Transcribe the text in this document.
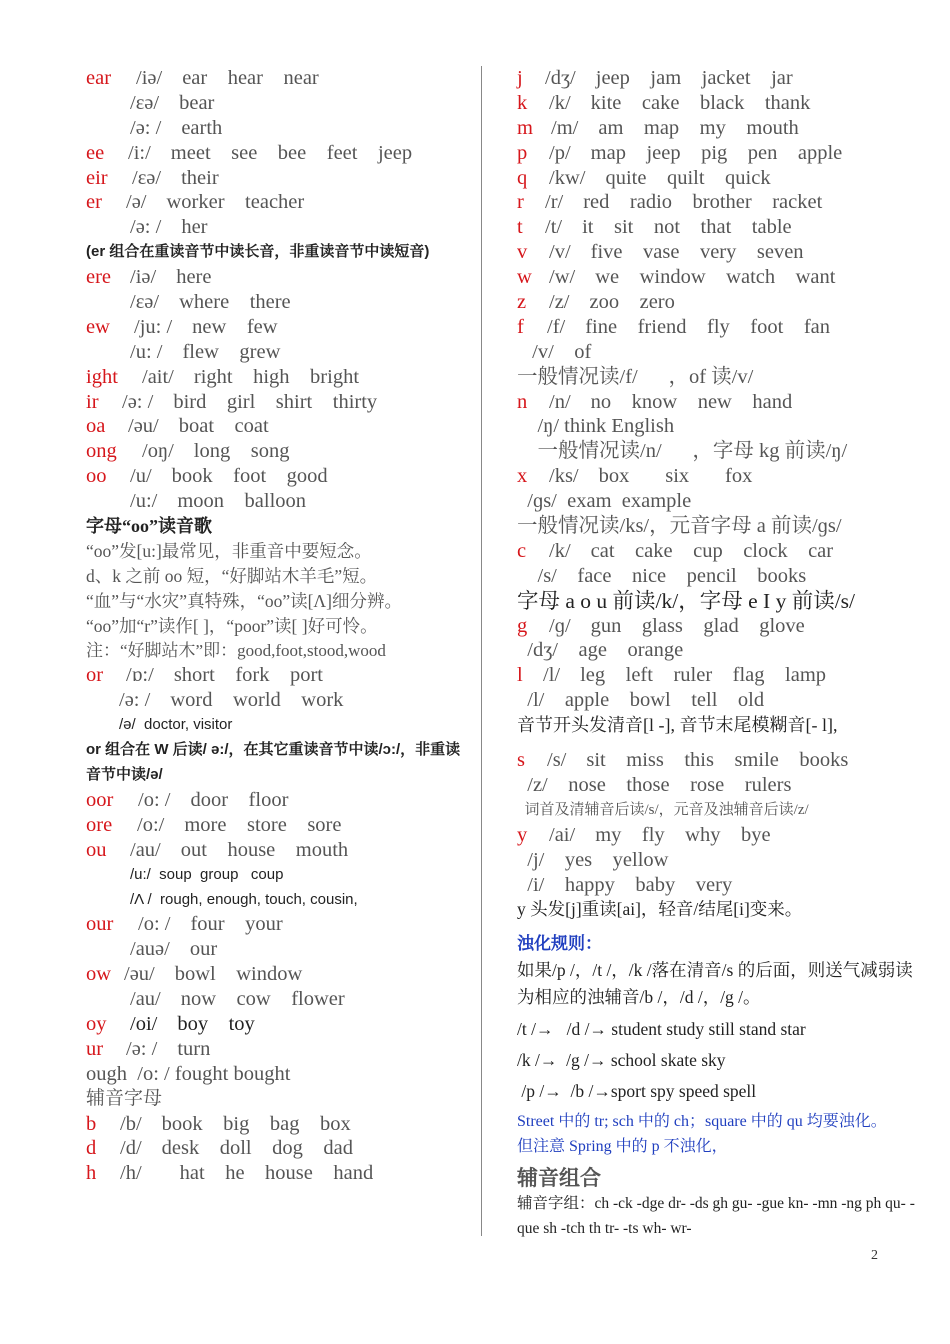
ear /iə/ ear    hear    near
/εə/ bear
/ə: / earth
ee /i:/ meet    see    bee    feet    jeep
eir /εə/ their
er /ə/ worker    teacher
/ə: / her
(er 组合在重读音节中读长音，非重读音节中读短音)
ere /iə/ here
/εə/ where    there
ew /ju: / new    few
/u: / flew    grew
ight /ait/ right    high    bright
ir /ə: / bird    girl    shirt    thirty
oa /əu/ boat    coat
ong /oŋ/ long    song
oo /u/ book    foot    good
/u:/ moon    balloon
字母“oo”读音歌
“oo”发[u:]最常见，非重音中要短念。
d、k 之前 oo 短，“好脚站木羊毛”短。
“血”与“水灾”真特殊，“oo”读[Λ]细分辨。
“oo”加“r”读作[ ]，“poor”读[ ]好可怜。
注：“好脚站木”即：good,foot,stood,wood
or /ɒ:/ short    fork    port
/ə: / word    world    work
/ə/  doctor, visitor
or 组合在 W 后读/ ə:/，在其它重读音节中读/ɔ:/，非重读音节中读/ə/
oor /o: / door    floor
ore /o:/ more    store    sore
ou /au/ out    house    mouth
/u:/  soup  group   coup
/Λ /  rough, enough, touch, cousin,
our /o: / four    your
/auə/ our
ow /əu/ bowl    window
/au/ now    cow    flower
oy /oi/ boy    toy
ur /ə: / turn
ough  /o: / fought bought
辅音字母
b /b/ book    big    bag    box
d /d/ desk    doll    dog    dad
h /h/ hat    he    house    hand
j /dʒ/ jeep    jam    jacket    jar
k /k/ kite    cake    black    thank
m /m/ am    map    my    mouth
p /p/ map    jeep    pig    pen    apple
q /kw/ quite    quilt    quick
r /r/ red    radio    brother    racket
t /t/ it    sit    not    that    table
v /v/ five    vase    very    seven
w /w/ we    window    watch    want
z /z/ zoo    zero
f /f/ fine    friend    fly    foot    fan
/v/    of
一般情况读/f/      ，of 读/v/
n /n/ no    know    new    hand
/ŋ/ think English
一般情况读/n/      ，字母 kg 前读/ŋ/
x /ks/ box       six       fox
/ɡs/  exam  example
一般情况读/ks/，元音字母 a 前读/ɡs/
c /k/ cat    cake    cup    clock    car
/s/    face    nice    pencil    books
字母 a o u 前读/k/，字母 e I y 前读/s/
g /ɡ/ gun    glass    glad    glove
/dʒ/    age    orange
l /l/ leg    left    ruler    flag    lamp
/l/    apple    bowl    tell    old
音节开头发清音[l -], 音节末尾模糊音[- l],
s /s/ sit    miss    this    smile    books
/z/    nose    those    rose    rulers
词首及清辅音后读/s/，元音及浊辅音后读/z/
y /ai/ my    fly    why    bye
/j/    yes    yellow
/i/    happy    baby    very
y 头发[j]重读[ai]，轻音/结尾[i]变来。
浊化规则：
如果/p /，/t /，/k /落在清音/s 的后面，则送气减弱读为相应的浊辅音/b /，/d /，/g /。
/t /→   /d /→ student study still stand star
/k /→  /g /→ school skate sky
/p /→  /b /→sport spy speed spell
Street 中的 tr; sch 中的 ch；square 中的 qu 均要浊化。
但注意 Spring 中的 p 不浊化，
辅音组合
辅音字组：ch -ck -dge dr- -ds gh gu- -gue kn- -mn -ng ph qu- -que sh -tch th tr- -ts wh- wr-
2
